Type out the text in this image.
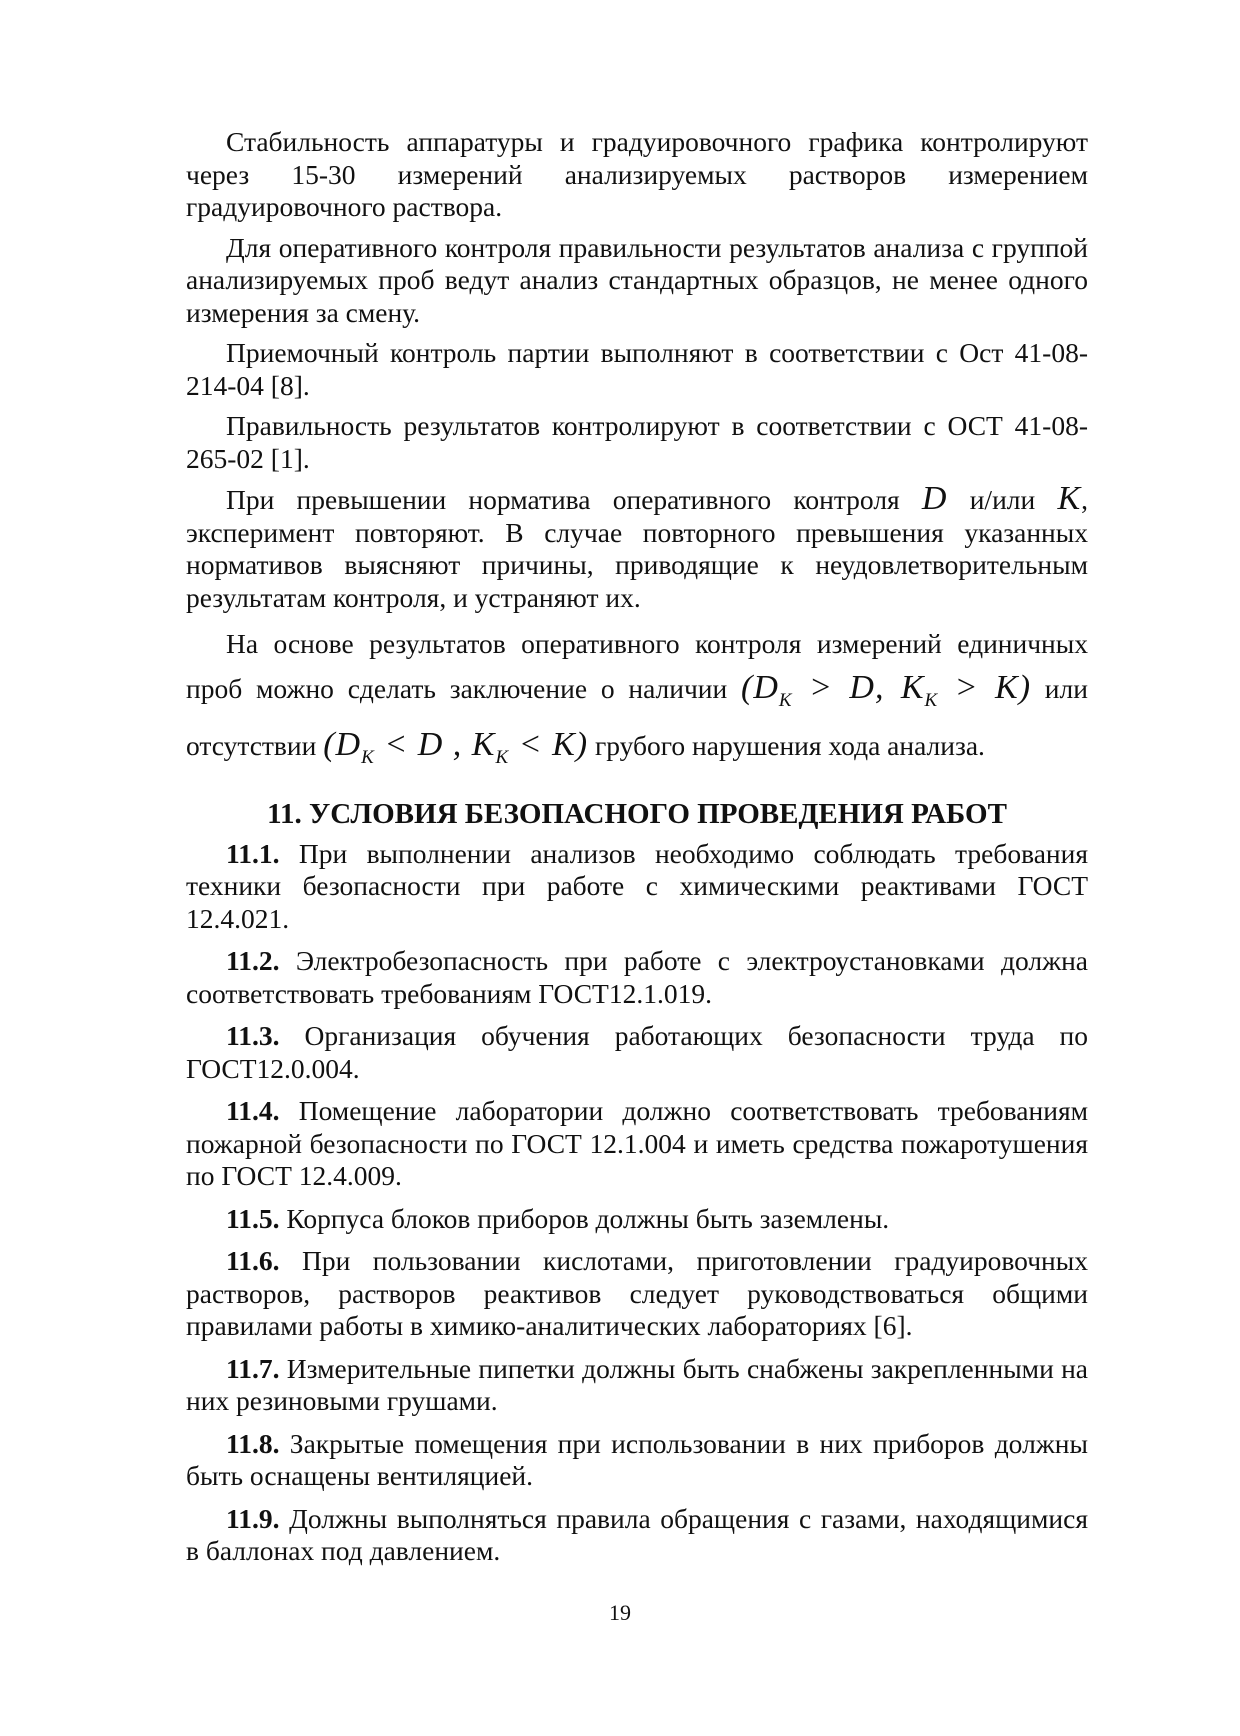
Стабильность аппаратуры и градуировочного графика контролируют через 15-30 измерений анализируемых растворов измерением градуировочного раствора.

Для оперативного контроля правильности результатов анализа с группой анализируемых проб ведут анализ стандартных образцов, не менее одного измерения за смену.

Приемочный контроль партии выполняют в соответствии с Ост 41-08-214-04 [8].

Правильность результатов контролируют в соответствии с ОСТ 41-08-265-02 [1].

При превышении норматива оперативного контроля D и/или K, эксперимент повторяют. В случае повторного превышения указанных нормативов выясняют причины, приводящие к неудовлетворительным результатам контроля, и устраняют их.

На основе результатов оперативного контроля измерений единичных проб можно сделать заключение о наличии ($D_K > D$, $K_K > K$) или отсутствии ($D_K < D$ , $K_K < K$) грубого нарушения хода анализа.

11. УСЛОВИЯ БЕЗОПАСНОГО ПРОВЕДЕНИЯ РАБОТ

11.1. При выполнении анализов необходимо соблюдать требования техники безопасности при работе с химическими реактивами ГОСТ 12.4.021.

11.2. Электробезопасность при работе с электроустановками должна соответствовать требованиям ГОСТ12.1.019.

11.3. Организация обучения работающих безопасности труда по ГОСТ12.0.004.

11.4. Помещение лаборатории должно соответствовать требованиям пожарной безопасности по ГОСТ 12.1.004 и иметь средства пожаротушения по ГОСТ 12.4.009.

11.5. Корпуса блоков приборов должны быть заземлены.

11.6. При пользовании кислотами, приготовлении градуировочных растворов, растворов реактивов следует руководствоваться общими правилами работы в химико-аналитических лабораториях [6].

11.7. Измерительные пипетки должны быть снабжены закрепленными на них резиновыми грушами.

11.8. Закрытые помещения при использовании в них приборов должны быть оснащены вентиляцией.

11.9. Должны выполняться правила обращения с газами, находящимися в баллонах под давлением.

19
